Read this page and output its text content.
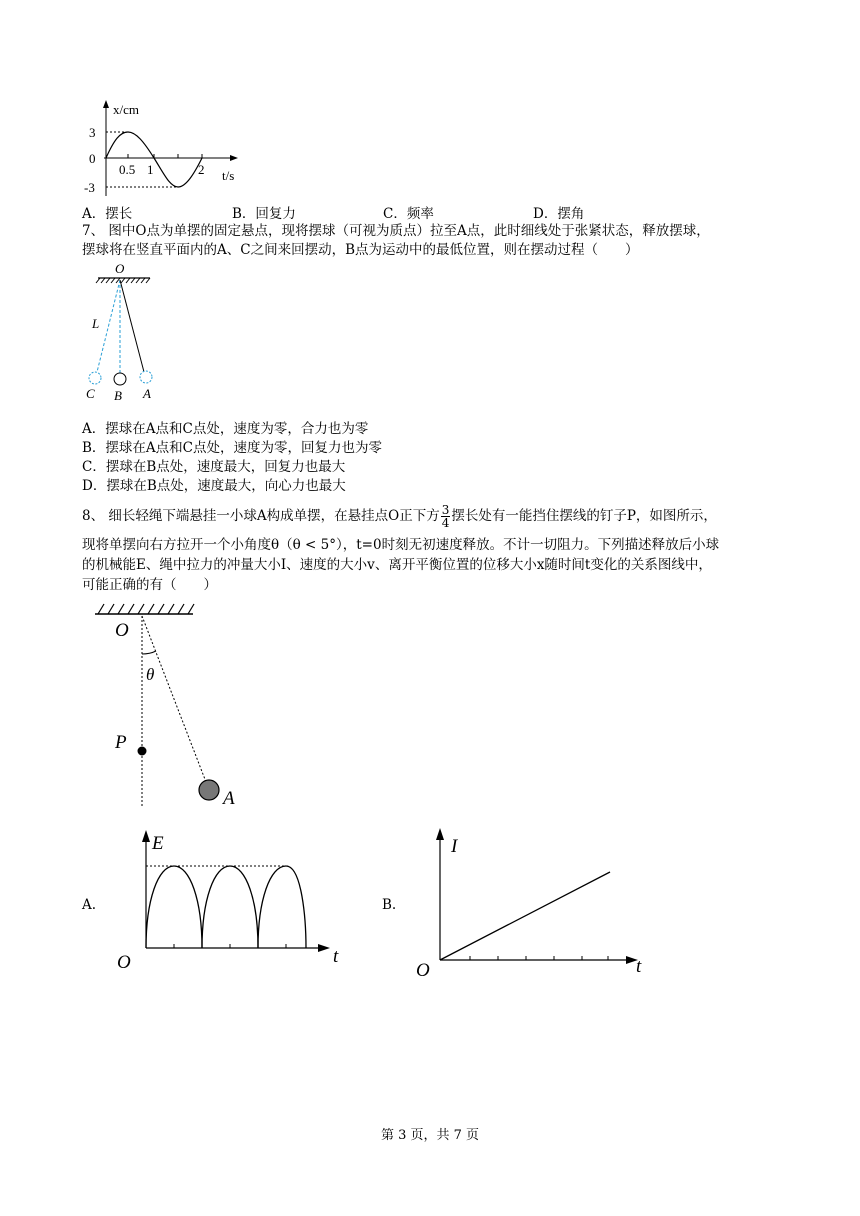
x/cm
t/s
3
0
-3
0.5 1	2
A．摆长	B．回复力	C．频率	D．摆角
7、 图中O点为单摆的固定悬点，现将摆球（可视为质点）拉至A点，此时细线处于张紧状态，释放摆球，
摆球将在竖直平面内的A、C之间来回摆动，B点为运动中的最低位置，则在摆动过程（　　）
O
L
C B A
A．摆球在A点和C点处，速度为零，合力也为零
B．摆球在A点和C点处，速度为零，回复力也为零
C．摆球在B点处，速度最大，回复力也最大
D．摆球在B点处，速度最大，向心力也最大
8、 细长轻绳下端悬挂一小球A构成单摆，在悬挂点O正下方 $\frac{3}{4}$ 摆长处有一能挡住摆线的钉子P，如图所示，
现将单摆向右方拉开一个小角度θ（θ < 5°），t=0时刻无初速度释放。不计一切阻力。下列描述释放后小球
的机械能E、绳中拉力的冲量大小I、速度的大小v、离开平衡位置的位移大小x随时间t变化的关系图线中，
可能正确的有（　　）
O
θ
P
A
A.
E
t
O
B.
I
t
O
第 3 页，共 7 页
